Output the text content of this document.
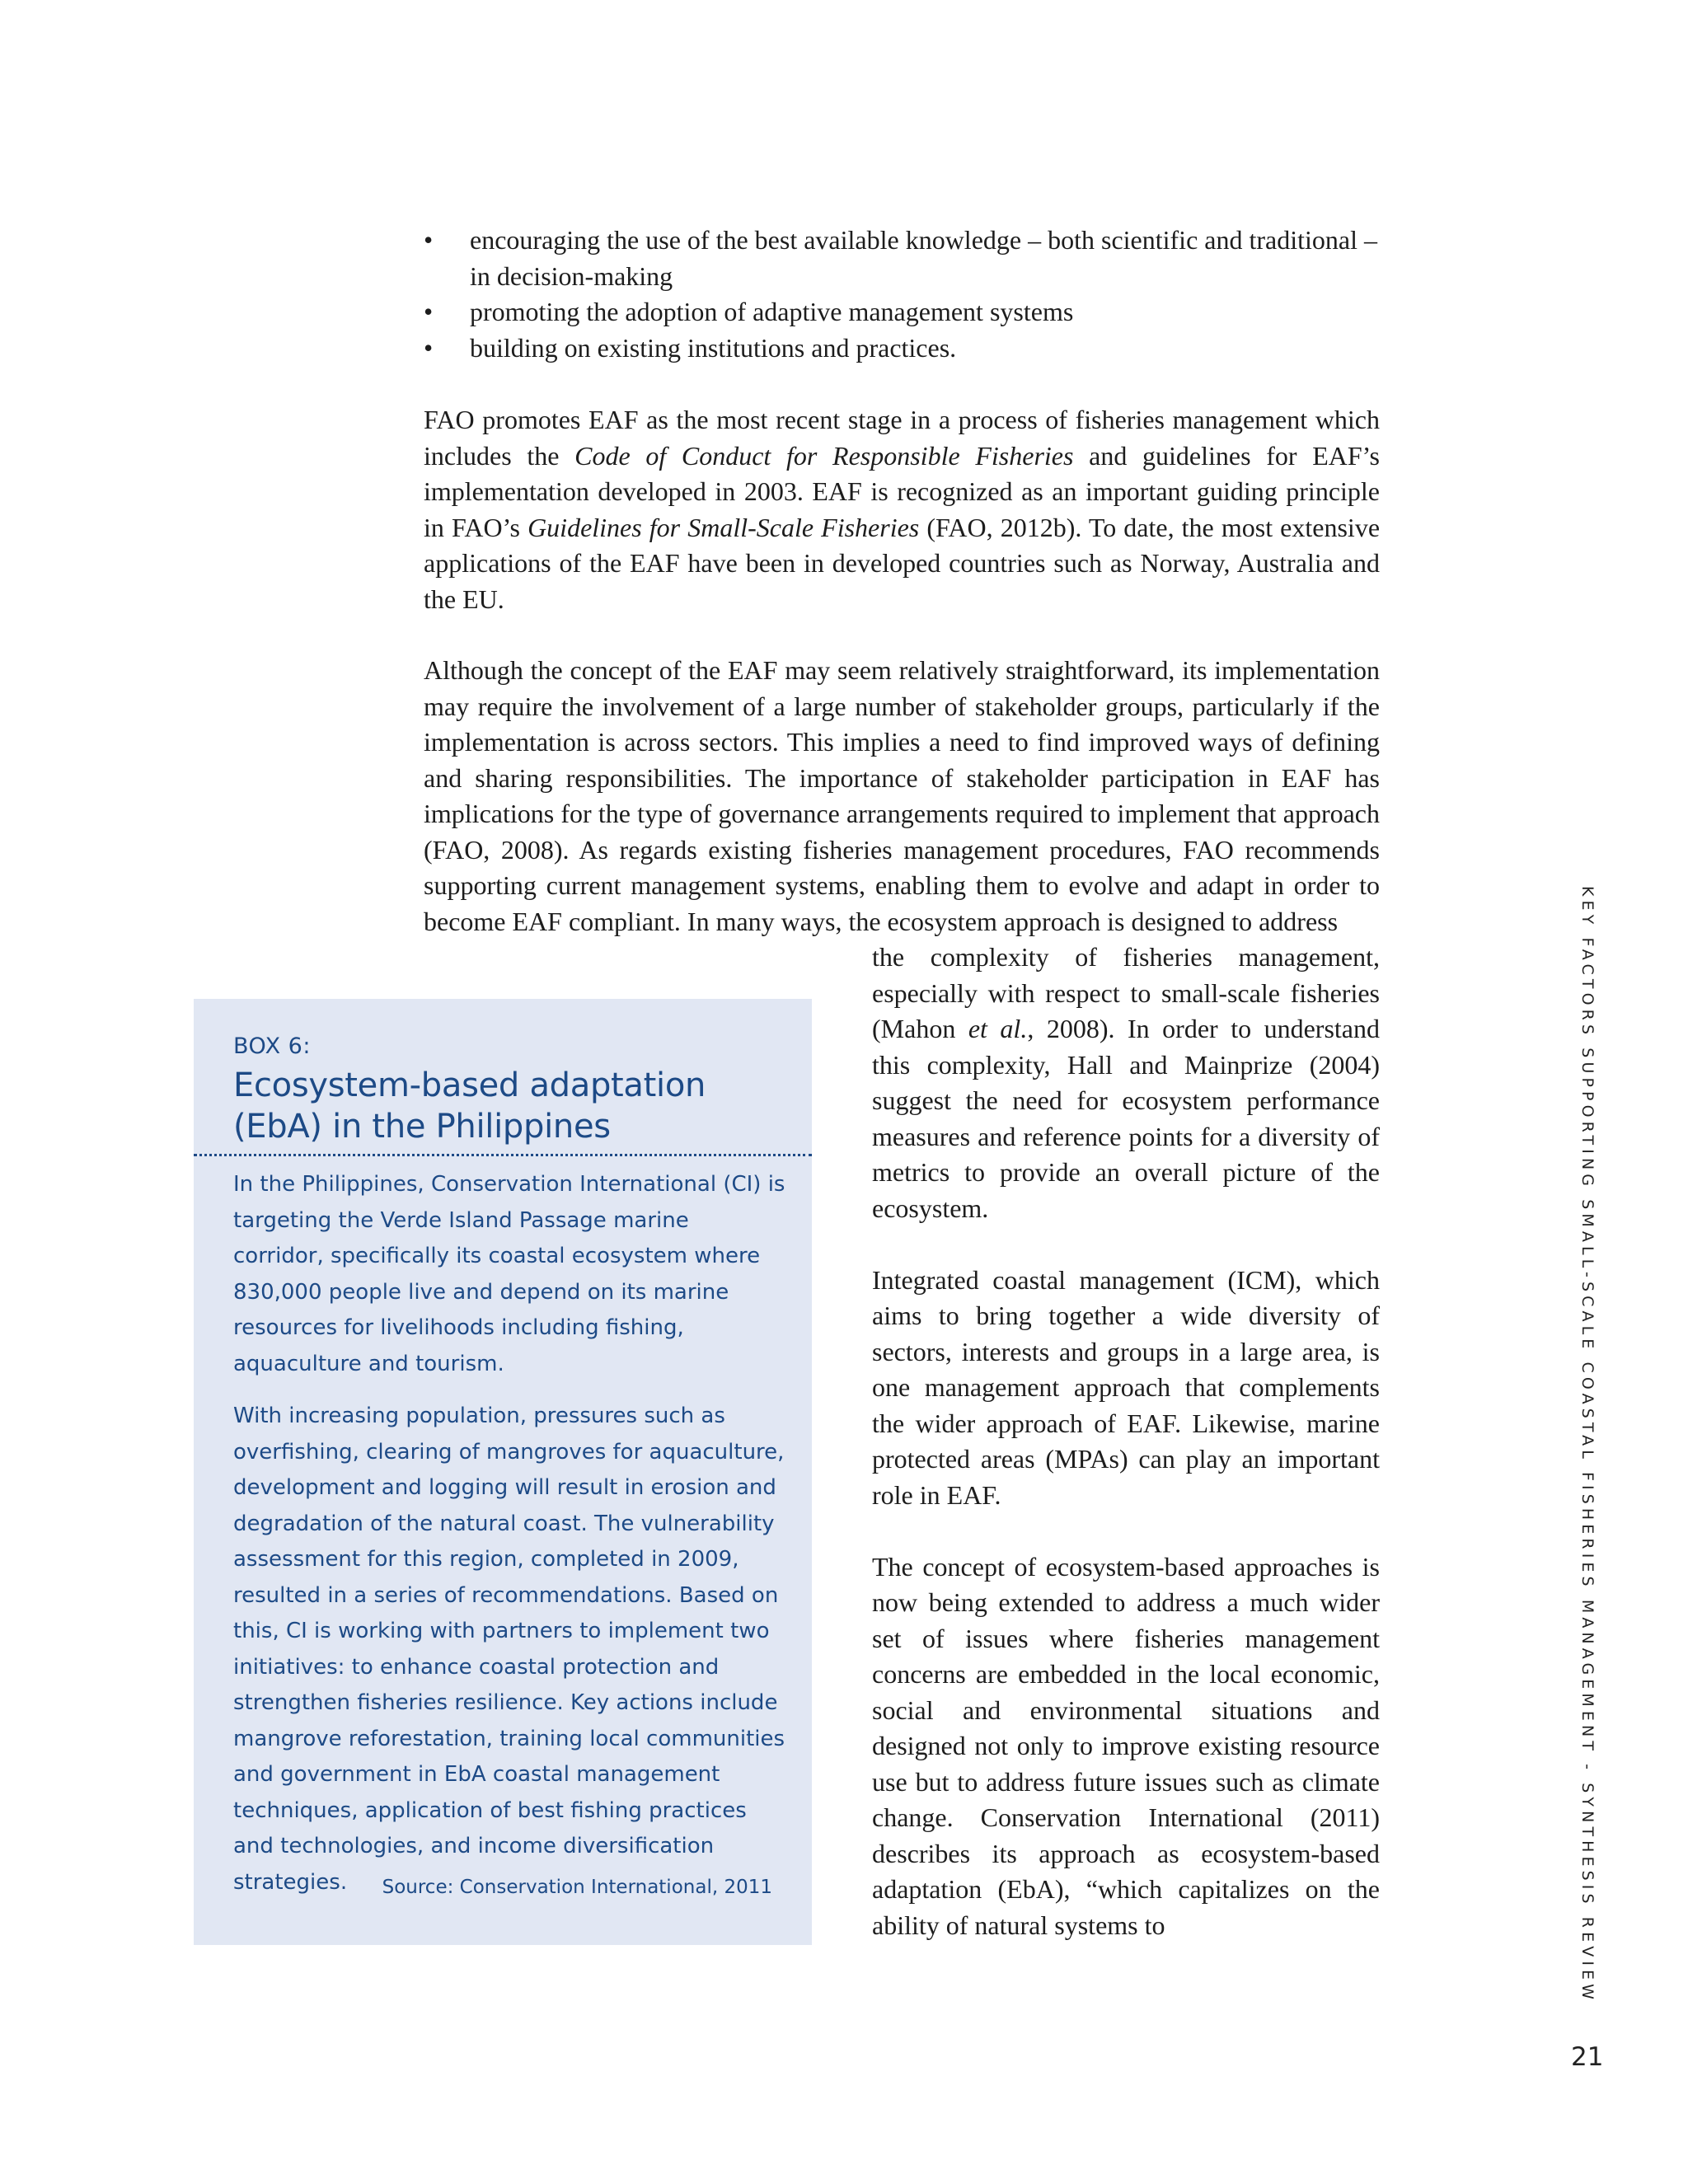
• encouraging the use of the best available knowledge – both scientific and traditional – in decision-making
• promoting the adoption of adaptive management systems
• building on existing institutions and practices.

FAO promotes EAF as the most recent stage in a process of fisheries management which includes the Code of Conduct for Responsible Fisheries and guidelines for EAF’s implementation developed in 2003. EAF is recognized as an important guiding principle in FAO’s Guidelines for Small-Scale Fisheries (FAO, 2012b). To date, the most extensive applications of the EAF have been in developed countries such as Norway, Australia and the EU.

Although the concept of the EAF may seem relatively straightforward, its implementation may require the involvement of a large number of stakeholder groups, particularly if the implementation is across sectors. This implies a need to find improved ways of defining and sharing responsibilities. The importance of stakeholder participation in EAF has implications for the type of governance arrangements required to implement that approach (FAO, 2008). As regards existing fisheries management procedures, FAO recommends supporting current management systems, enabling them to evolve and adapt in order to become EAF compliant. In many ways, the ecosystem approach is designed to address

the complexity of fisheries management, especially with respect to small-scale fisheries (Mahon et al., 2008). In order to understand this complexity, Hall and Mainprize (2004) suggest the need for ecosystem performance measures and reference points for a diversity of metrics to provide an overall picture of the ecosystem.

Integrated coastal management (ICM), which aims to bring together a wide diversity of sectors, interests and groups in a large area, is one management approach that complements the wider approach of EAF. Likewise, marine protected areas (MPAs) can play an important role in EAF.

The concept of ecosystem-based approaches is now being extended to address a much wider set of issues where fisheries management concerns are embedded in the local economic, social and environmental situations and designed not only to improve existing resource use but to address future issues such as climate change. Conservation International (2011) describes its approach as ecosystem-based adaptation (EbA), “which capitalizes on the ability of natural systems to

BOX 6:
Ecosystem-based adaptation
(EbA) in the Philippines

In the Philippines, Conservation International (CI) is targeting the Verde Island Passage marine corridor, specifically its coastal ecosystem where 830,000 people live and depend on its marine resources for livelihoods including fishing, aquaculture and tourism.

With increasing population, pressures such as overfishing, clearing of mangroves for aquaculture, development and logging will result in erosion and degradation of the natural coast. The vulnerability assessment for this region, completed in 2009, resulted in a series of recommendations. Based on this, CI is working with partners to implement two initiatives: to enhance coastal protection and strengthen fisheries resilience. Key actions include mangrove reforestation, training local communities and government in EbA coastal management techniques, application of best fishing practices and technologies, and income diversification strategies.	Source: Conservation International, 2011	KEY FACTORS SUPPORTING SMALL-SCALE COASTAL FISHERIES MANAGEMENT - SYNTHESIS REVIEW
21
